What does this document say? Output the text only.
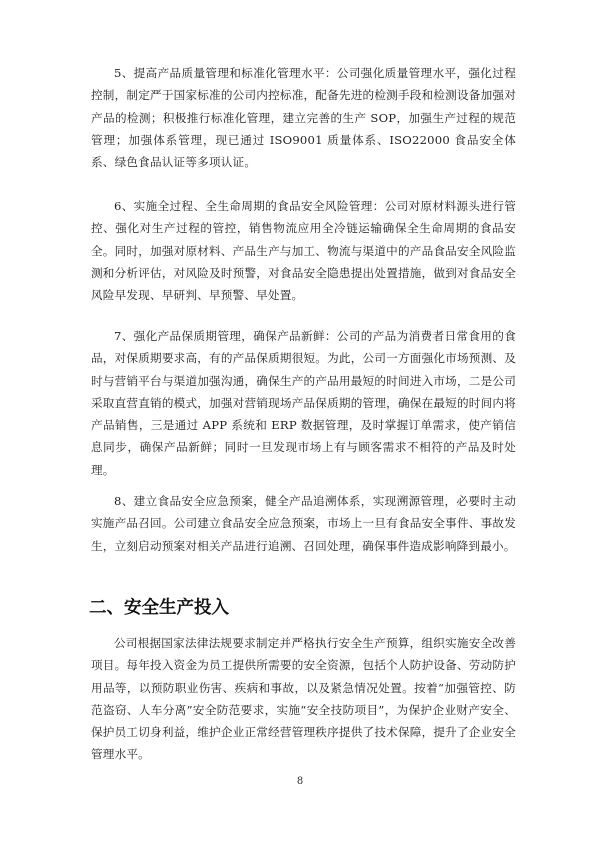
5、提高产品质量管理和标准化管理水平：公司强化质量管理水平，强化过程控制，制定严于国家标准的公司内控标准，配备先进的检测手段和检测设备加强对产品的检测；积极推行标准化管理，建立完善的生产 SOP，加强生产过程的规范管理；加强体系管理，现已通过 ISO9001 质量体系、ISO22000 食品安全体系、绿色食品认证等多项认证。

6、实施全过程、全生命周期的食品安全风险管理：公司对原材料源头进行管控、强化对生产过程的管控，销售物流应用全冷链运输确保全生命周期的食品安全。同时，加强对原材料、产品生产与加工、物流与渠道中的产品食品安全风险监测和分析评估，对风险及时预警，对食品安全隐患提出处置措施，做到对食品安全风险早发现、早研判、早预警、早处置。

7、强化产品保质期管理，确保产品新鲜：公司的产品为消费者日常食用的食品，对保质期要求高，有的产品保质期很短。为此，公司一方面强化市场预测、及时与营销平台与渠道加强沟通，确保生产的产品用最短的时间进入市场，二是公司采取直营直销的模式，加强对营销现场产品保质期的管理，确保在最短的时间内将产品销售，三是通过 APP 系统和 ERP 数据管理，及时掌握订单需求，使产销信息同步，确保产品新鲜；同时一旦发现市场上有与顾客需求不相符的产品及时处理。

8、建立食品安全应急预案，健全产品追溯体系，实现溯源管理，必要时主动实施产品召回。公司建立食品安全应急预案，市场上一旦有食品安全事件、事故发生，立刻启动预案对相关产品进行追溯、召回处理，确保事件造成影响降到最小。

二、安全生产投入

公司根据国家法律法规要求制定并严格执行安全生产预算，组织实施安全改善项目。每年投入资金为员工提供所需要的安全资源，包括个人防护设备、劳动防护用品等，以预防职业伤害、疾病和事故，以及紧急情况处置。按着“加强管控、防范盗窃、人车分离”安全防范要求，实施“安全技防项目”，为保护企业财产安全、保护员工切身利益，维护企业正常经营管理秩序提供了技术保障，提升了企业安全管理水平。

8
